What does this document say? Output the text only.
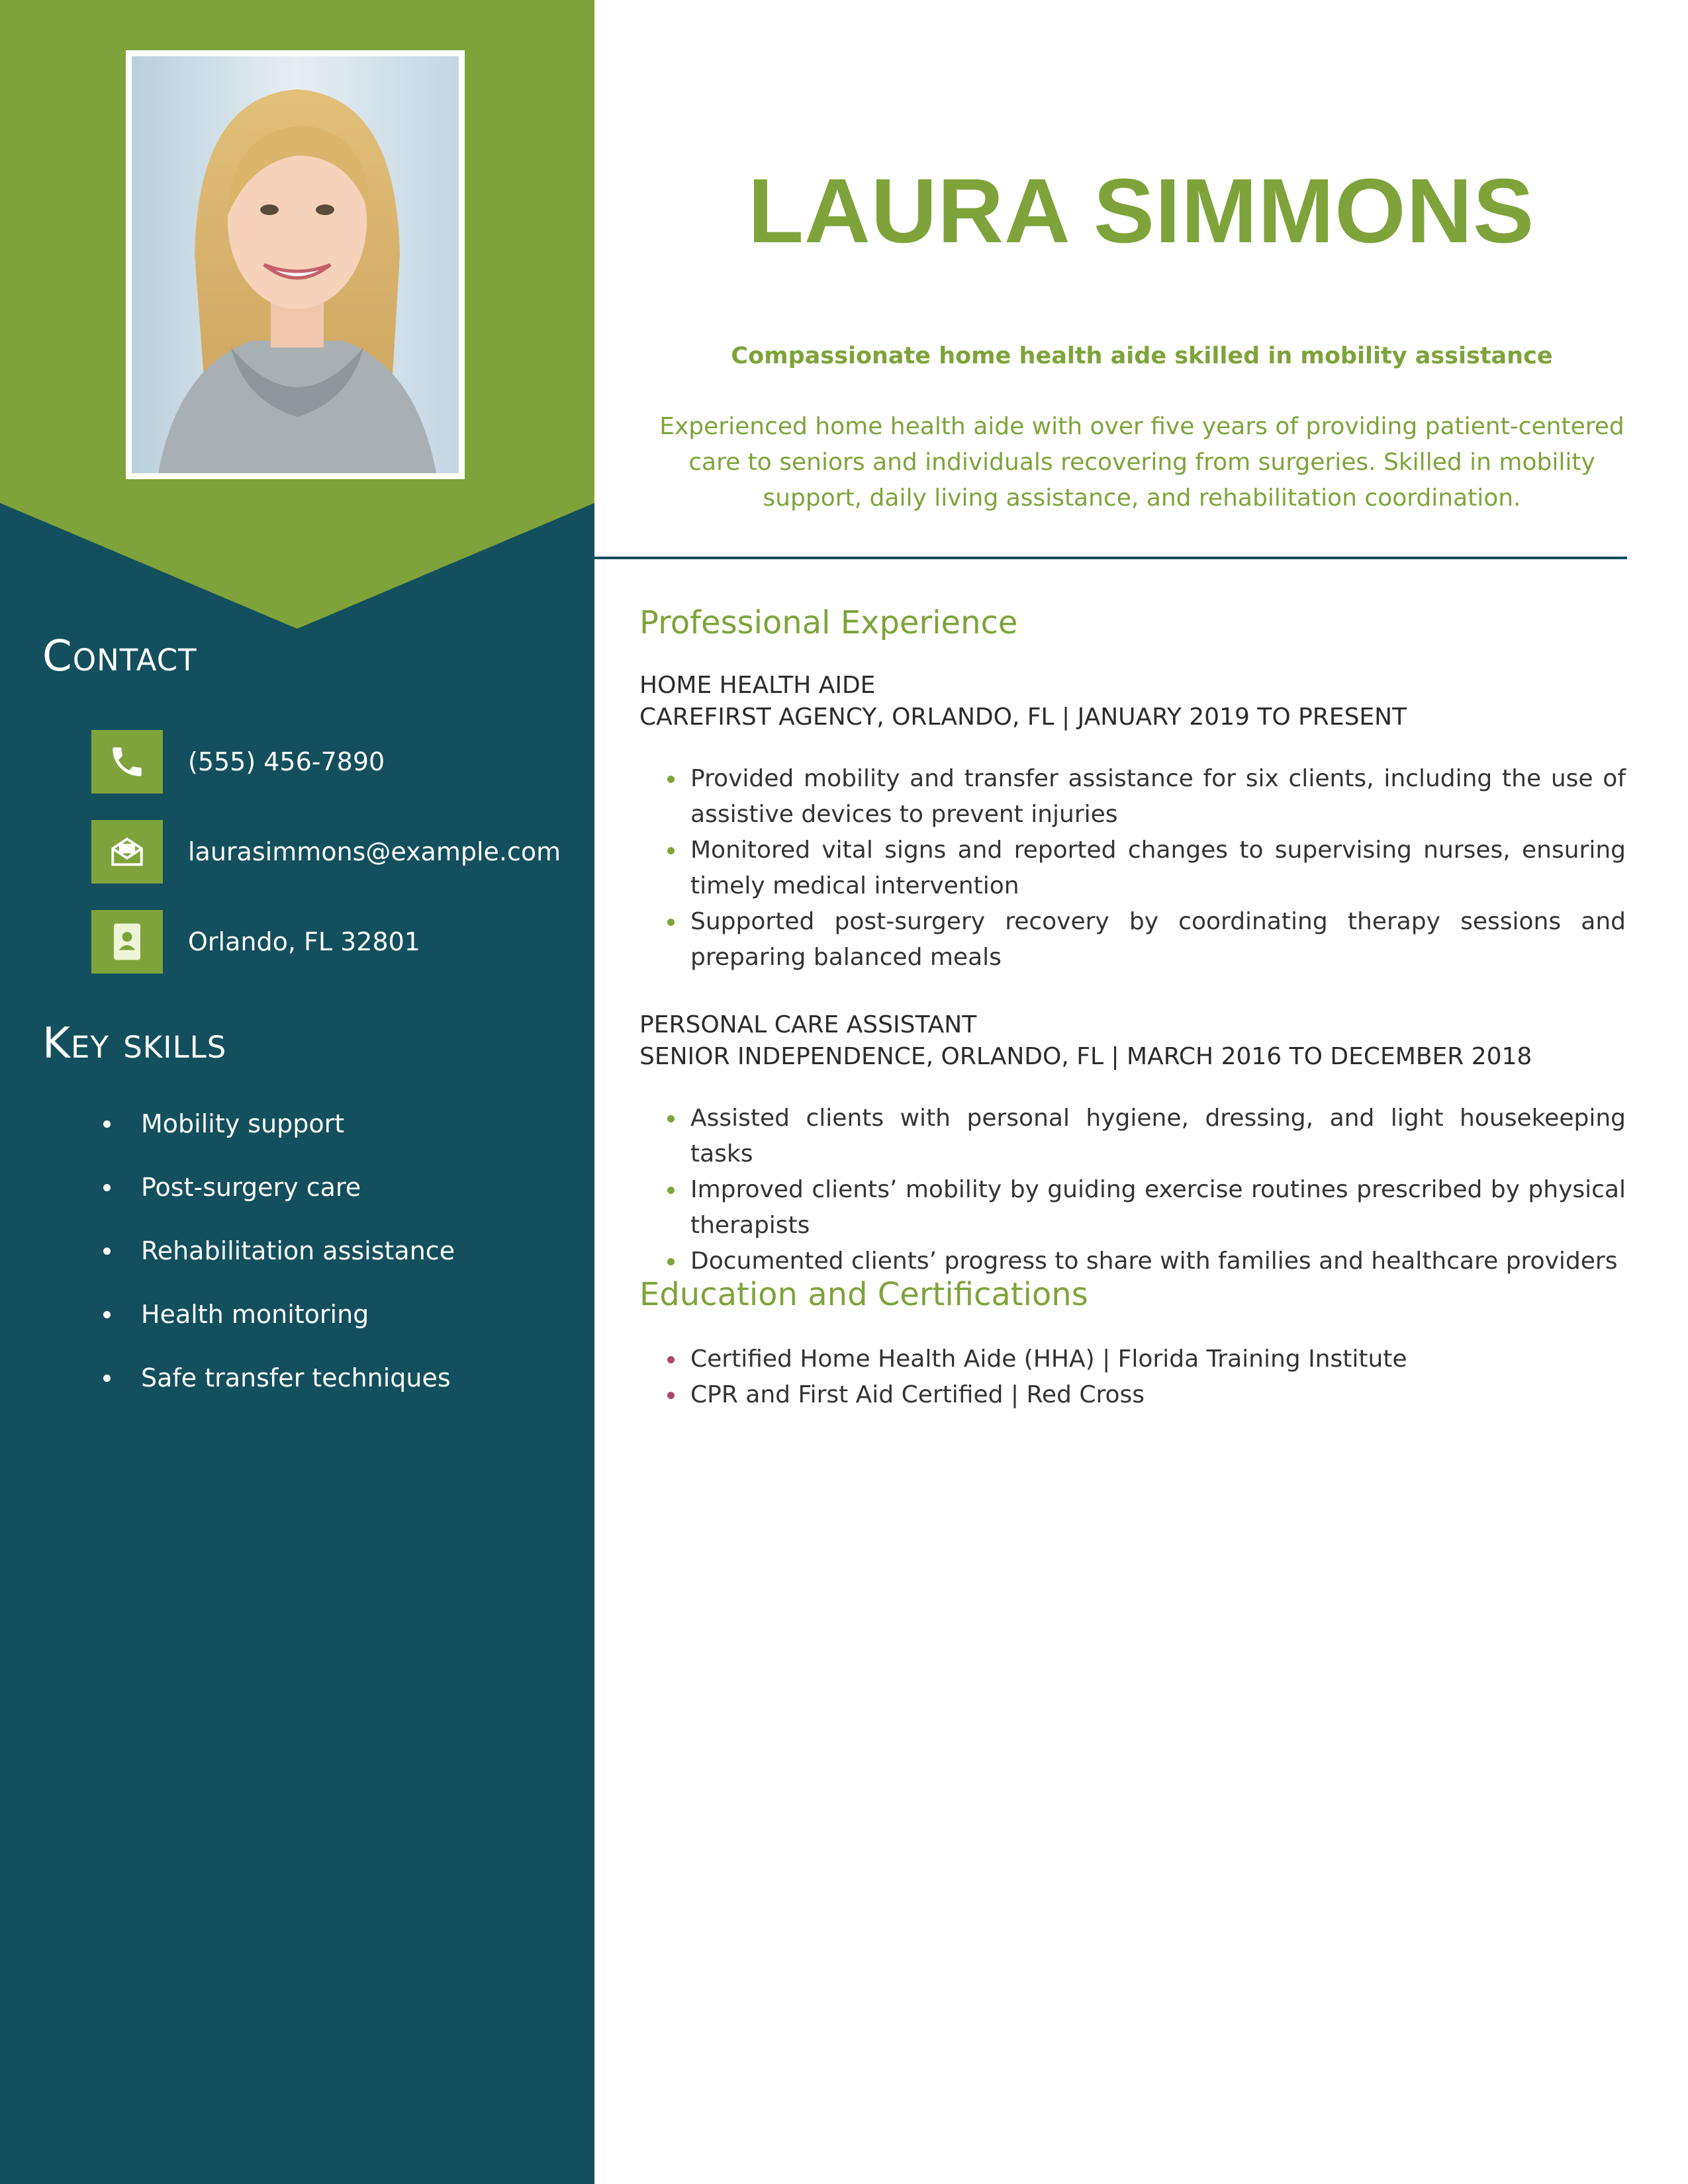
Contact
(555) 456-7890
laurasimmons@example.com
Orlando, FL 32801
Key skills
Mobility support
Post-surgery care
Rehabilitation assistance
Health monitoring
Safe transfer techniques
LAURA SIMMONS

Compassionate home health aide skilled in mobility assistance

Experienced home health aide with over five years of providing patient-centered care to seniors and individuals recovering from surgeries. Skilled in mobility support, daily living assistance, and rehabilitation coordination.

Professional Experience
HOME HEALTH AIDE
CAREFIRST AGENCY, ORLANDO, FL | JANUARY 2019 TO PRESENT
Provided mobility and transfer assistance for six clients, including the use of assistive devices to prevent injuries
Monitored vital signs and reported changes to supervising nurses, ensuring timely medical intervention
Supported post-surgery recovery by coordinating therapy sessions and preparing balanced meals
PERSONAL CARE ASSISTANT
SENIOR INDEPENDENCE, ORLANDO, FL | MARCH 2016 TO DECEMBER 2018
Assisted clients with personal hygiene, dressing, and light housekeeping tasks
Improved clients’ mobility by guiding exercise routines prescribed by physical therapists
Documented clients’ progress to share with families and healthcare providers
Education and Certifications
Certified Home Health Aide (HHA) | Florida Training Institute
CPR and First Aid Certified | Red Cross
